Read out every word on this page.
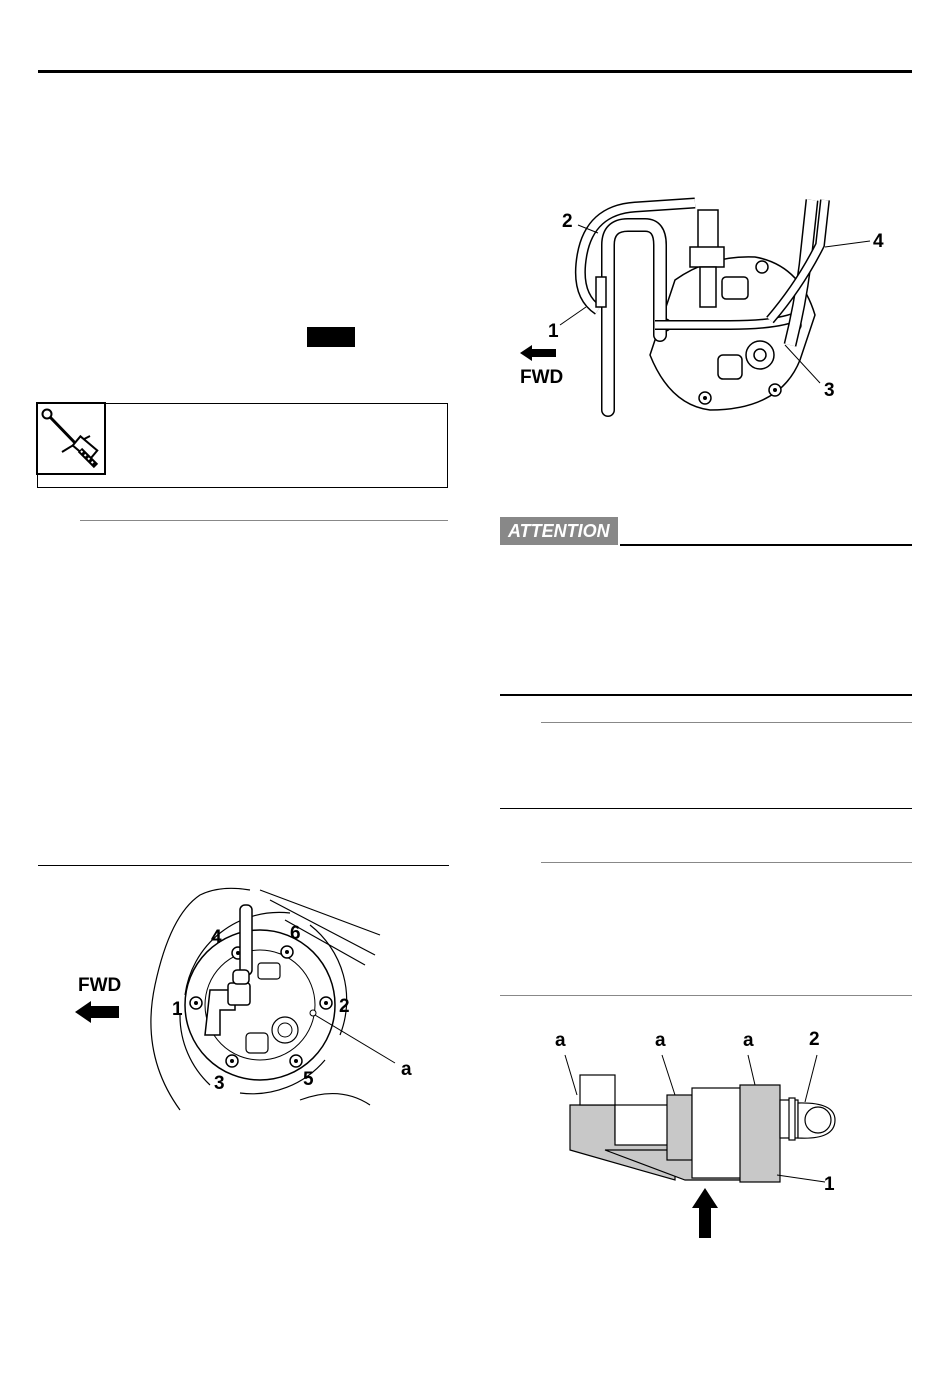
2
1
4
3
FWD
ATTENTION
FWD
4	6
1	2
3	5	a
a	a	a	2
1
